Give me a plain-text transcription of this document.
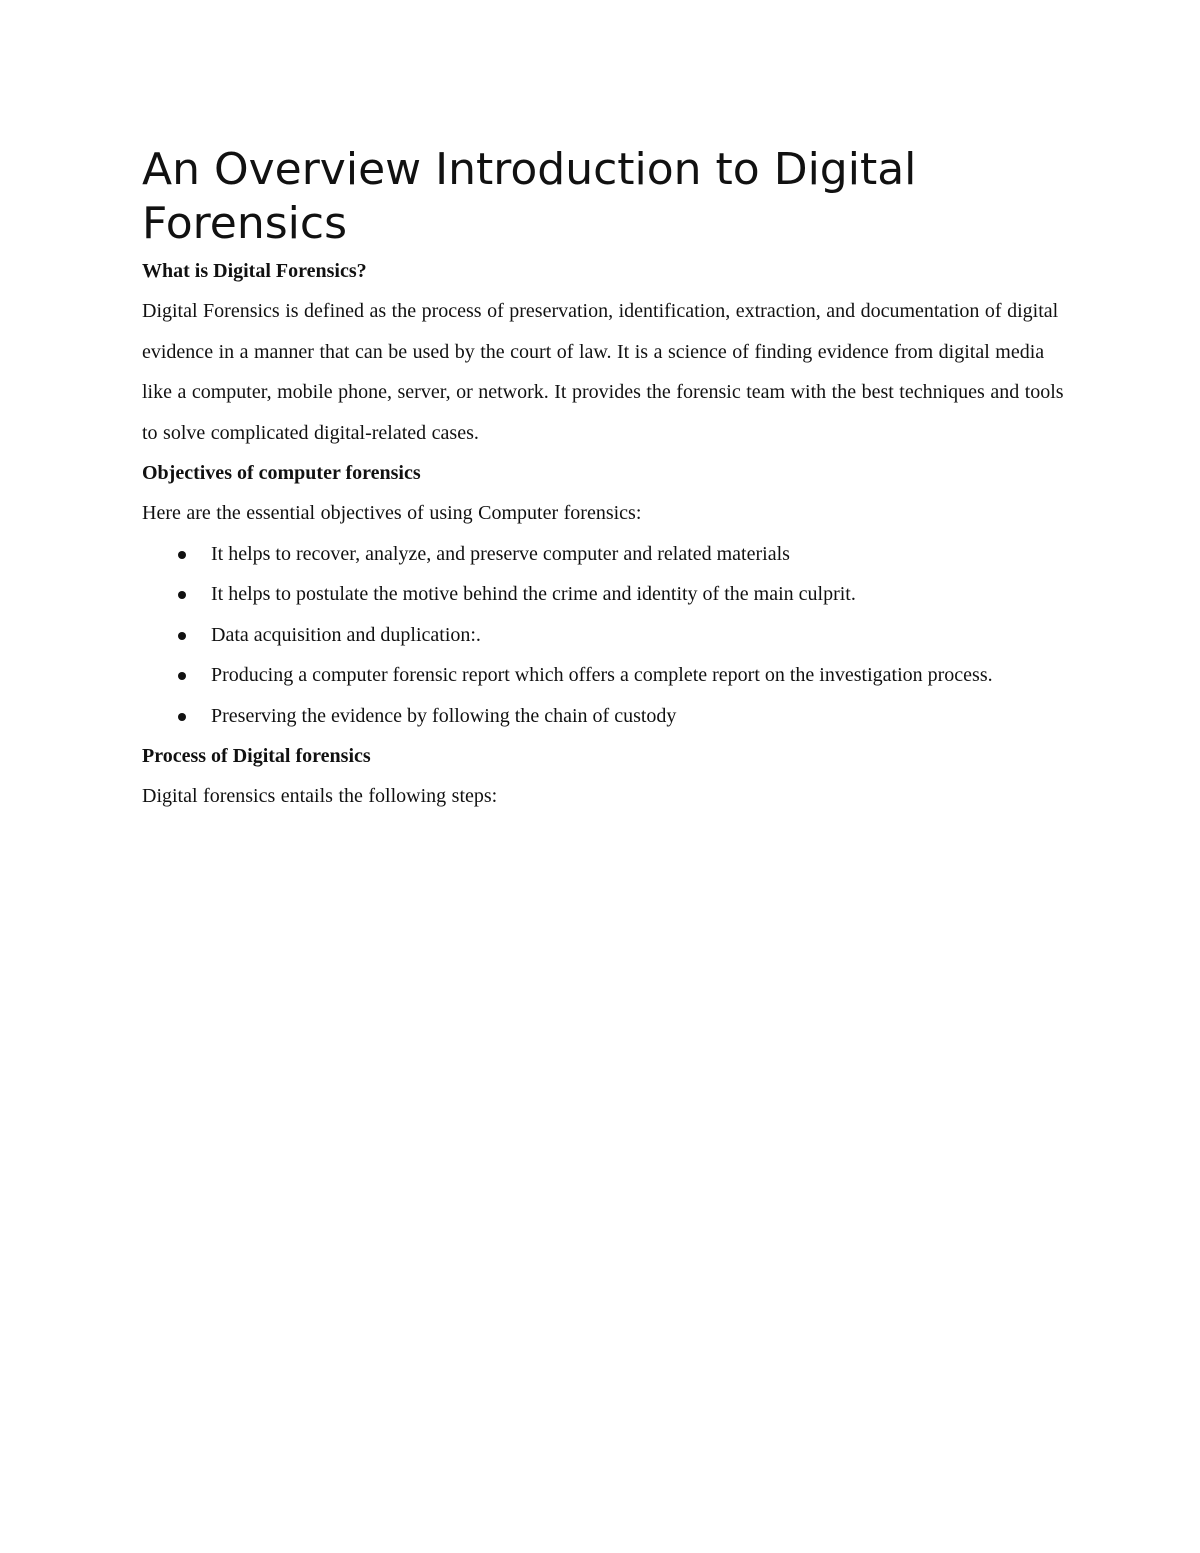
An Overview Introduction to Digital Forensics
What is Digital Forensics?

Digital Forensics is defined as the process of preservation, identification, extraction, and documentation of digital evidence in a manner that can be used by the court of law. It is a science of finding evidence from digital media like a computer, mobile phone, server, or network. It provides the forensic team with the best techniques and tools to solve complicated digital-related cases.

Objectives of computer forensics

Here are the essential objectives of using Computer forensics:

It helps to recover, analyze, and preserve computer and related materials
It helps to postulate the motive behind the crime and identity of the main culprit.
Data acquisition and duplication:.
Producing a computer forensic report which offers a complete report on the investigation process.
Preserving the evidence by following the chain of custody
Process of Digital forensics

Digital forensics entails the following steps:
